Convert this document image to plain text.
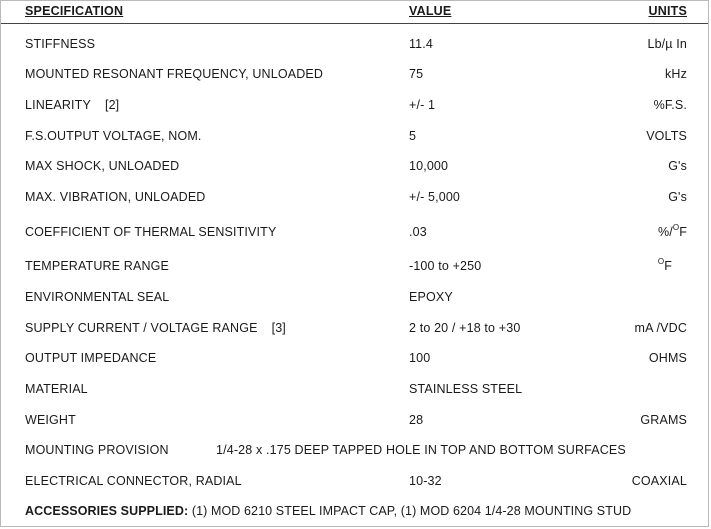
SPECIFICATION	VALUE	UNITS
STIFFNESS	11.4	Lb/µ In
MOUNTED RESONANT FREQUENCY, UNLOADED	75	kHz
LINEARITY [2]	+/- 1	%F.S.
F.S.OUTPUT VOLTAGE, NOM.	5	VOLTS
MAX SHOCK, UNLOADED	10,000	G's
MAX. VIBRATION, UNLOADED	+/- 5,000	G's
COEFFICIENT OF THERMAL SENSITIVITY	.03	%/$^O$F
TEMPERATURE RANGE	-100 to +250	$^O$F
ENVIRONMENTAL SEAL	EPOXY
SUPPLY CURRENT / VOLTAGE RANGE [3]	2 to 20 / +18 to +30	mA /VDC
OUTPUT IMPEDANCE	100	OHMS
MATERIAL	STAINLESS STEEL
WEIGHT	28	GRAMS
MOUNTING PROVISION	1/4-28 x .175 DEEP TAPPED HOLE IN TOP AND BOTTOM SURFACES
ELECTRICAL CONNECTOR, RADIAL	10-32	COAXIAL
ACCESSORIES SUPPLIED: (1) MOD 6210 STEEL IMPACT CAP, (1) MOD 6204 1/4-28 MOUNTING STUD
